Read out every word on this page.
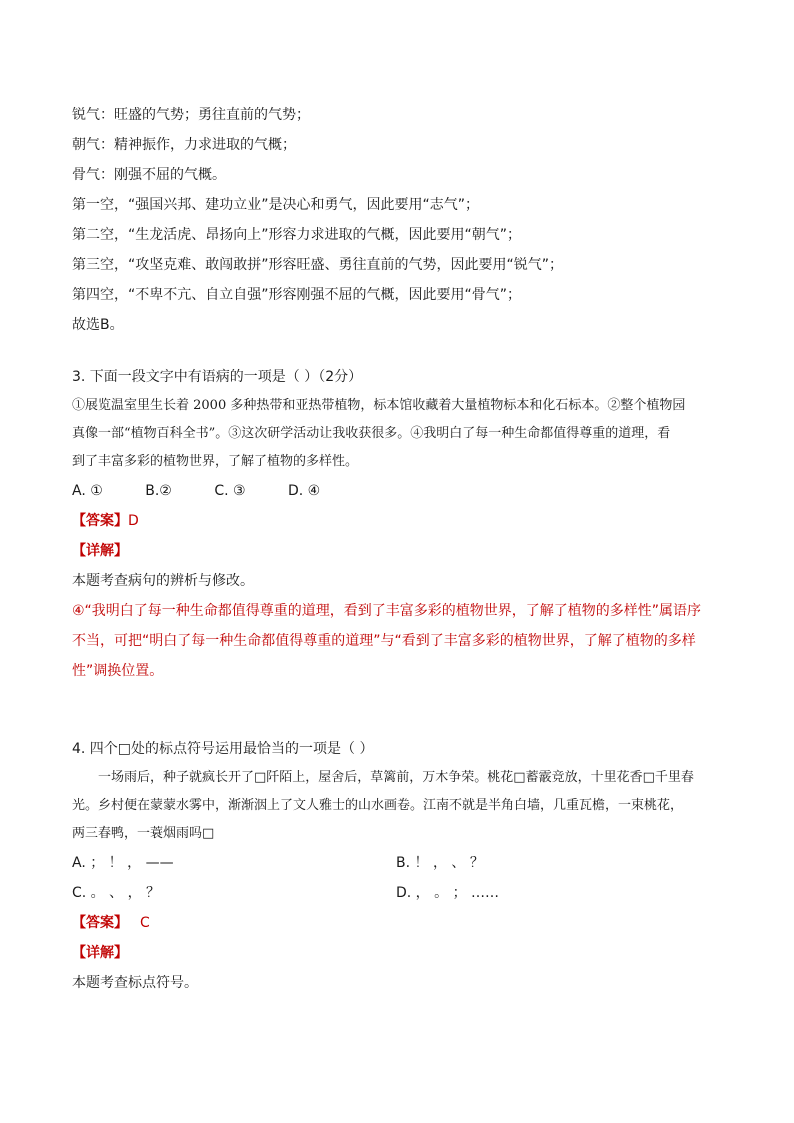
锐气：旺盛的气势；勇往直前的气势；
朝气：精神振作，力求进取的气概；
骨气：刚强不屈的气概。
第一空，“强国兴邦、建功立业”是决心和勇气，因此要用“志气”；
第二空，“生龙活虎、昂扬向上”形容力求进取的气概，因此要用“朝气”；
第三空，“攻坚克难、敢闯敢拼”形容旺盛、勇往直前的气势，因此要用“锐气”；
第四空，“不卑不亢、自立自强”形容刚强不屈的气概，因此要用“骨气”；
故选B。
3. 下面一段文字中有语病的一项是（ ）（2分）
①展览温室里生长着 2000 多种热带和亚热带植物，标本馆收藏着大量植物标本和化石标本。②整个植物园
真像一部“植物百科全书”。③这次研学活动让我收获很多。④我明白了每一种生命都值得尊重的道理，看
到了丰富多彩的植物世界，了解了植物的多样性。
A. ①	B.②	C. ③	D. ④
【答案】D
【详解】
本题考查病句的辨析与修改。
④“我明白了每一种生命都值得尊重的道理，看到了丰富多彩的植物世界，了解了植物的多样性”属语序
不当，可把“明白了每一种生命都值得尊重的道理”与“看到了丰富多彩的植物世界，了解了植物的多样
性”调换位置。
4. 四个□处的标点符号运用最恰当的一项是（ ）
一场雨后，种子就疯长开了□阡陌上，屋舍后，草篱前，万木争荣。桃花□蓄霰竞放，十里花香□千里春
光。乡村便在蒙蒙水雾中，渐渐洇上了文人雅士的山水画卷。江南不就是半角白墙，几重瓦檐，一束桃花，
两三春鸭，一蓑烟雨吗□
A. ； ！ ， ——	B. ！ ， 、 ？
C. 。 、 ， ？	D. ， 。 ； ……
【答案】 C
【详解】
本题考查标点符号。
